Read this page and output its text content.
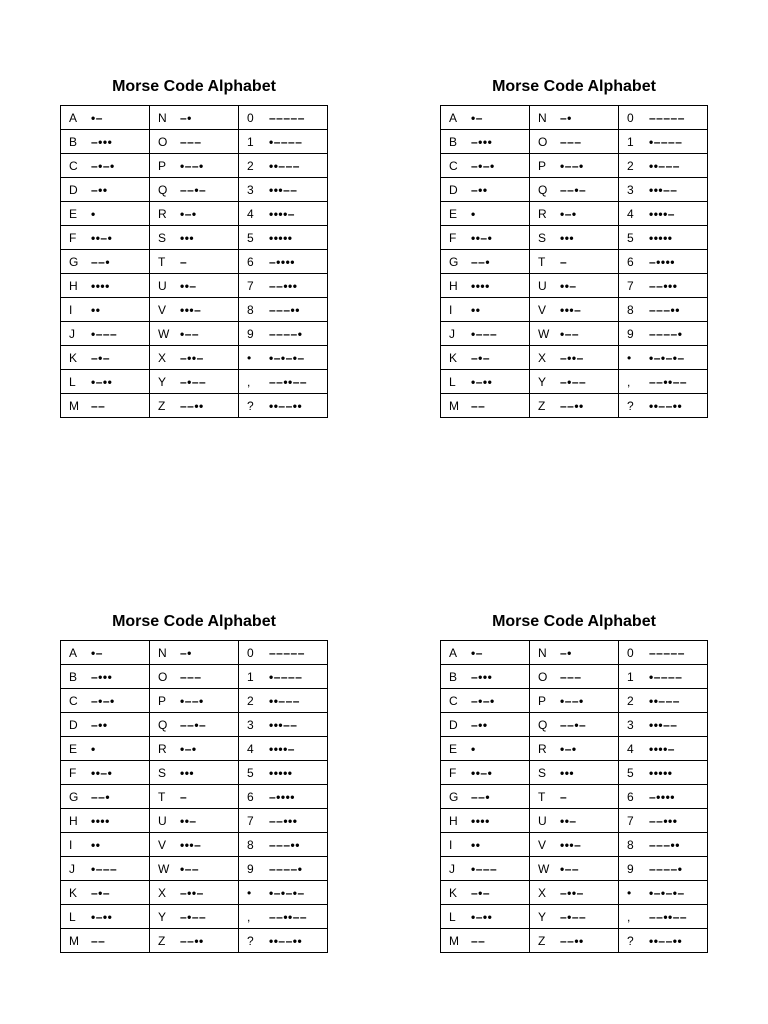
Morse Code Alphabet
A •–	N –•	0 –––––
B –•••	O –––	1 •––––
C –•–•	P •––•	2 ••–––
D –••	Q ––•–	3 •••––
E •	R •–•	4 ••••–
F ••–•	S •••	5 •••••
G ––•	T –	6 –••••
H ••••	U ••–	7 ––•••
I ••	V •••–	8 –––••
J •–––	W •––	9 ––––•
K –•–	X –••–	• •–•–•–
L •–••	Y –•––	, ––••––
M ––	Z ––••	? ••––••
Morse Code Alphabet
A •–	N –•	0 –––––
B –•••	O –––	1 •––––
C –•–•	P •––•	2 ••–––
D –••	Q ––•–	3 •••––
E •	R •–•	4 ••••–
F ••–•	S •••	5 •••••
G ––•	T –	6 –••••
H ••••	U ••–	7 ––•••
I ••	V •••–	8 –––••
J •–––	W •––	9 ––––•
K –•–	X –••–	• •–•–•–
L •–••	Y –•––	, ––••––
M ––	Z ––••	? ••––••
Morse Code Alphabet
A •–	N –•	0 –––––
B –•••	O –––	1 •––––
C –•–•	P •––•	2 ••–––
D –••	Q ––•–	3 •••––
E •	R •–•	4 ••••–
F ••–•	S •••	5 •••••
G ––•	T –	6 –••••
H ••••	U ••–	7 ––•••
I ••	V •••–	8 –––••
J •–––	W •––	9 ––––•
K –•–	X –••–	• •–•–•–
L •–••	Y –•––	, ––••––
M ––	Z ––••	? ••––••
Morse Code Alphabet
A •–	N –•	0 –––––
B –•••	O –––	1 •––––
C –•–•	P •––•	2 ••–––
D –••	Q ––•–	3 •••––
E •	R •–•	4 ••••–
F ••–•	S •••	5 •••••
G ––•	T –	6 –••••
H ••••	U ••–	7 ––•••
I ••	V •••–	8 –––••
J •–––	W •––	9 ––––•
K –•–	X –••–	• •–•–•–
L •–••	Y –•––	, ––••––
M ––	Z ––••	? ••––••
